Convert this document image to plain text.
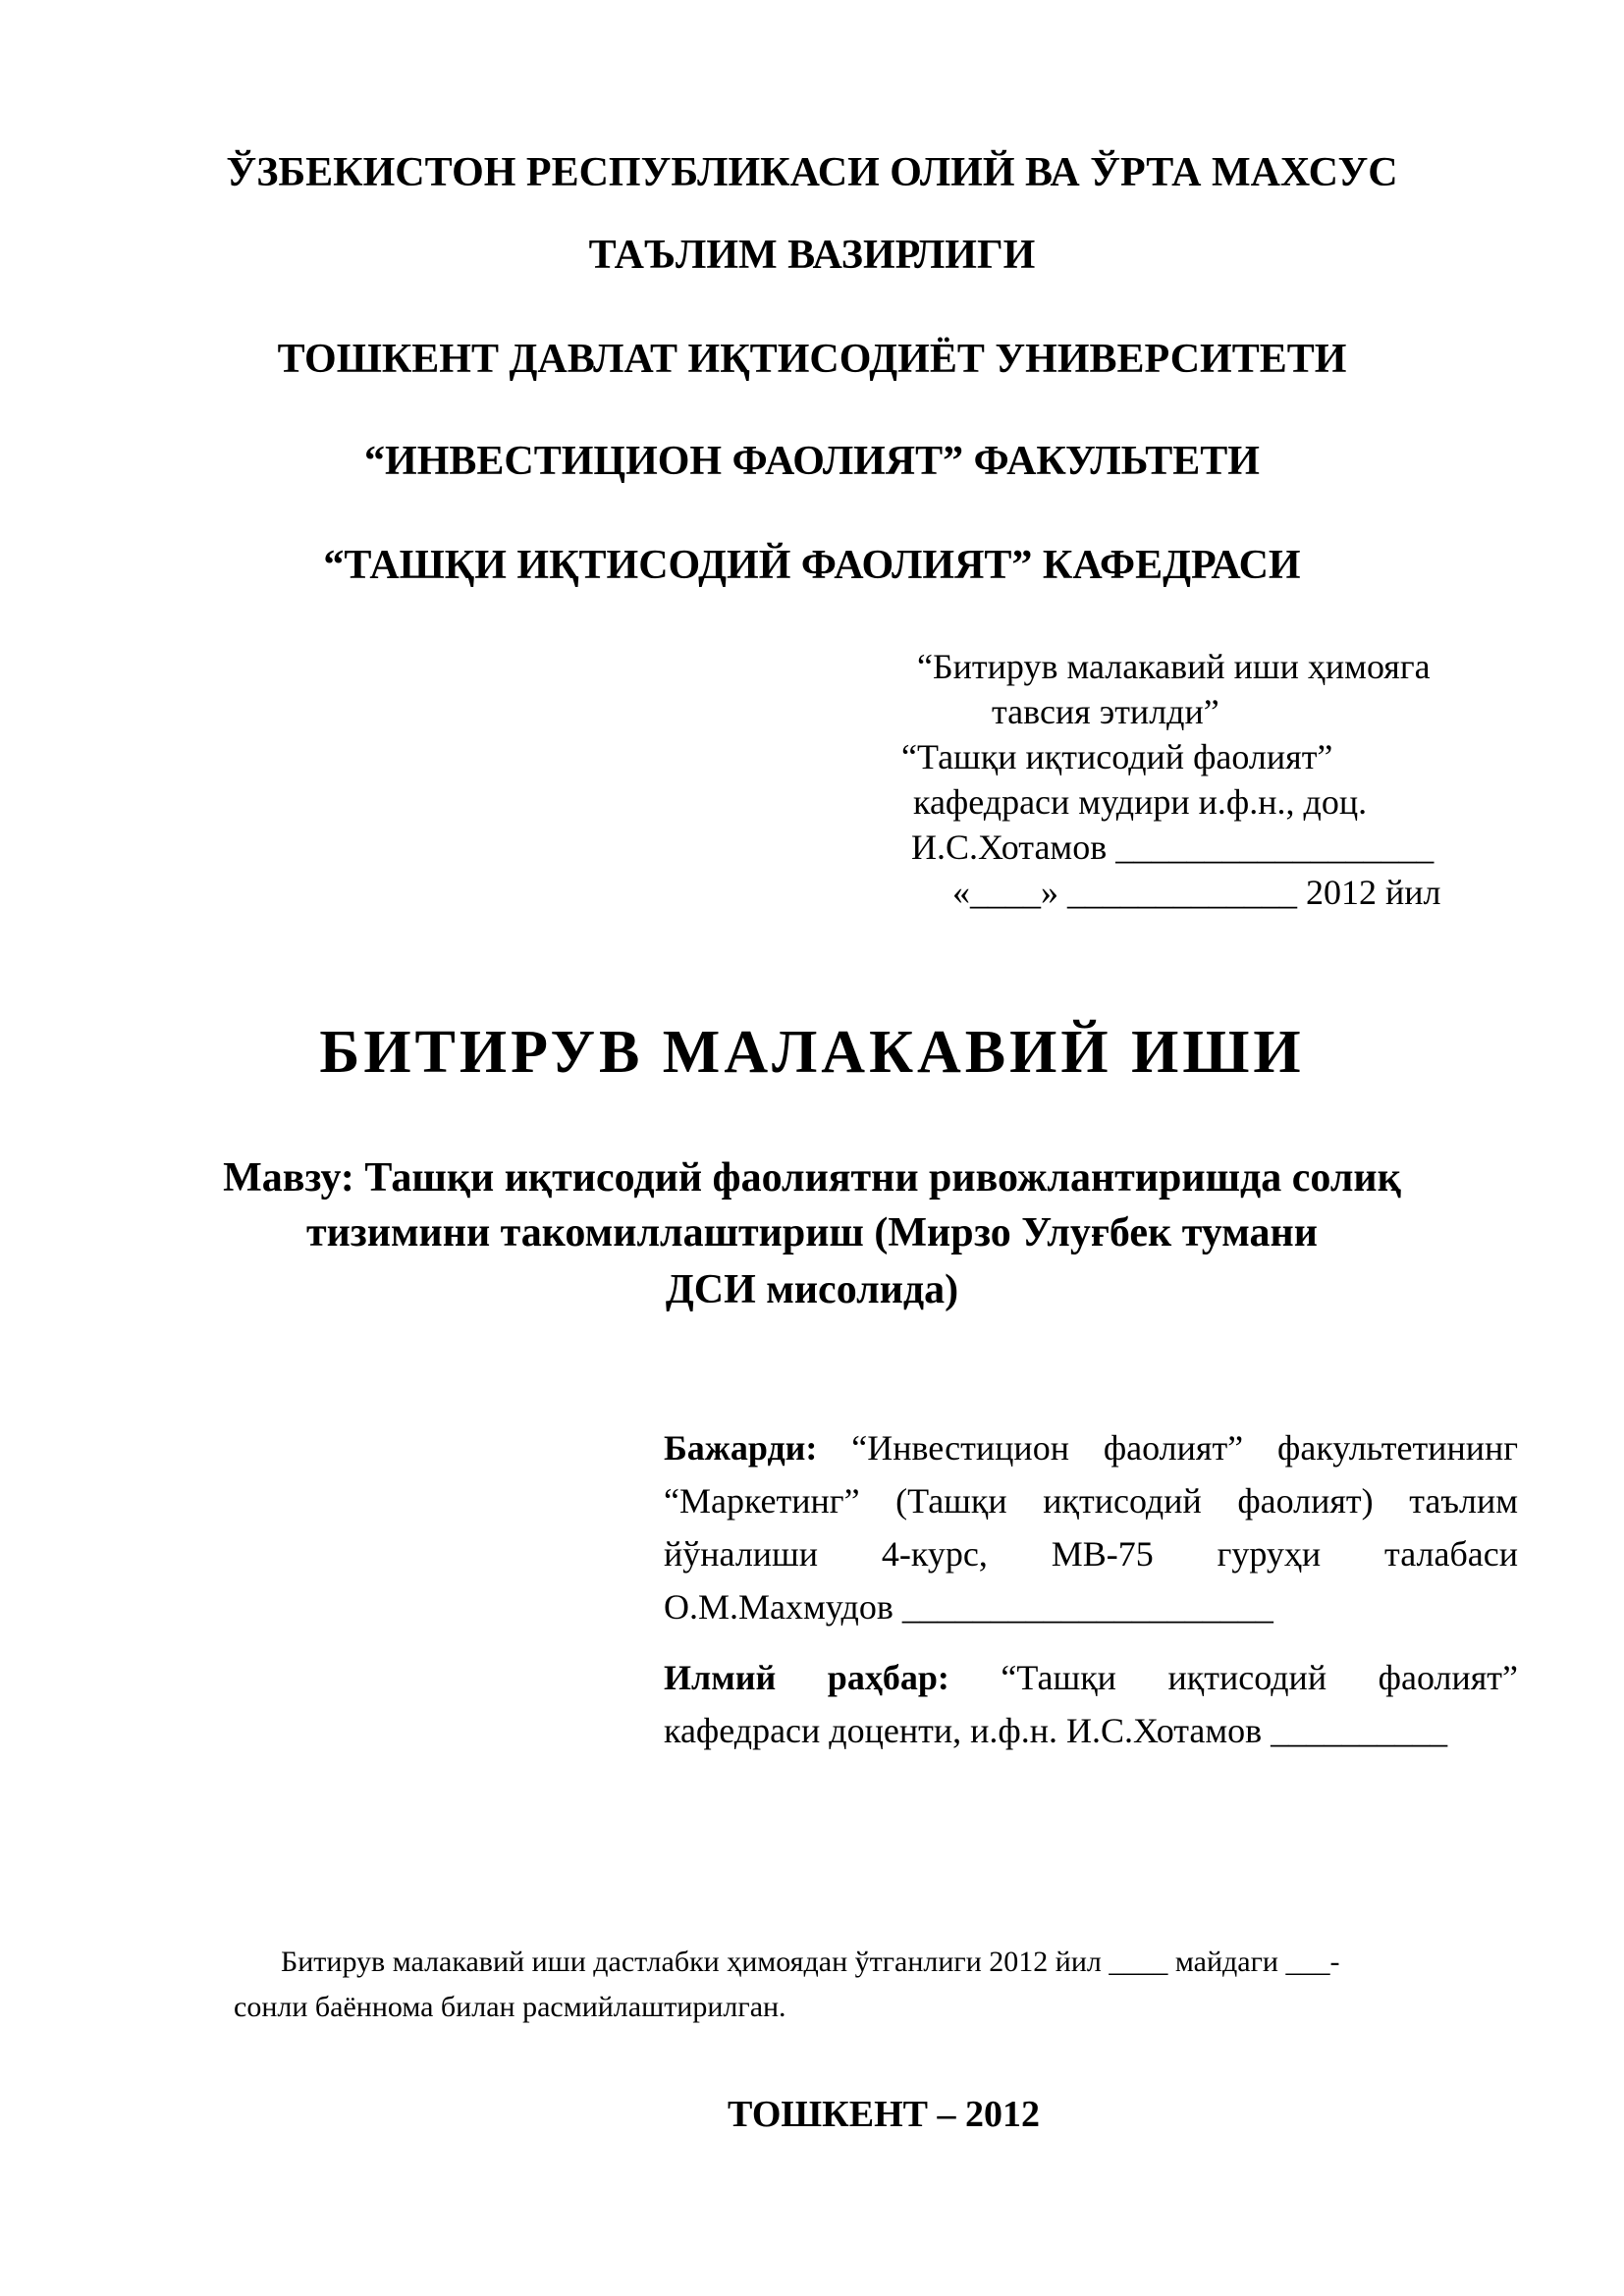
ЎЗБЕКИСТОН РЕСПУБЛИКАСИ ОЛИЙ ВА ЎРТА МАХСУС
ТАЪЛИМ ВАЗИРЛИГИ
ТОШКЕНТ ДАВЛАТ ИҚТИСОДИЁТ УНИВЕРСИТЕТИ
“ИНВЕСТИЦИОН ФАОЛИЯТ” ФАКУЛЬТЕТИ
“ТАШҚИ ИҚТИСОДИЙ ФАОЛИЯТ” КАФЕДРАСИ
“Битирув малакавий иши ҳимояга
тавсия этилди”
“Ташқи иқтисодий фаолият”
кафедраси мудири и.ф.н., доц.
И.С.Хотамов __________________
«____» _____________ 2012 йил
БИТИРУВ МАЛАКАВИЙ ИШИ
Мавзу: Ташқи иқтисодий фаолиятни ривожлантиришда солиқ
тизимини такомиллаштириш (Мирзо Улуғбек тумани
ДСИ мисолида)
Бажарди: “Инвестицион фаолият” факультетининг
“Маркетинг” (Ташқи иқтисодий фаолият) таълим
йўналиши 4-курс, МВ-75 гуруҳи талабаси
О.М.Махмудов _____________________
Илмий раҳбар: “Ташқи иқтисодий фаолият”
кафедраси доценти, и.ф.н. И.С.Хотамов __________
Битирув малакавий иши дастлабки ҳимоядан ўтганлиги 2012 йил ____ майдаги ___-
сонли баённома билан расмийлаштирилган.
ТОШКЕНТ – 2012
